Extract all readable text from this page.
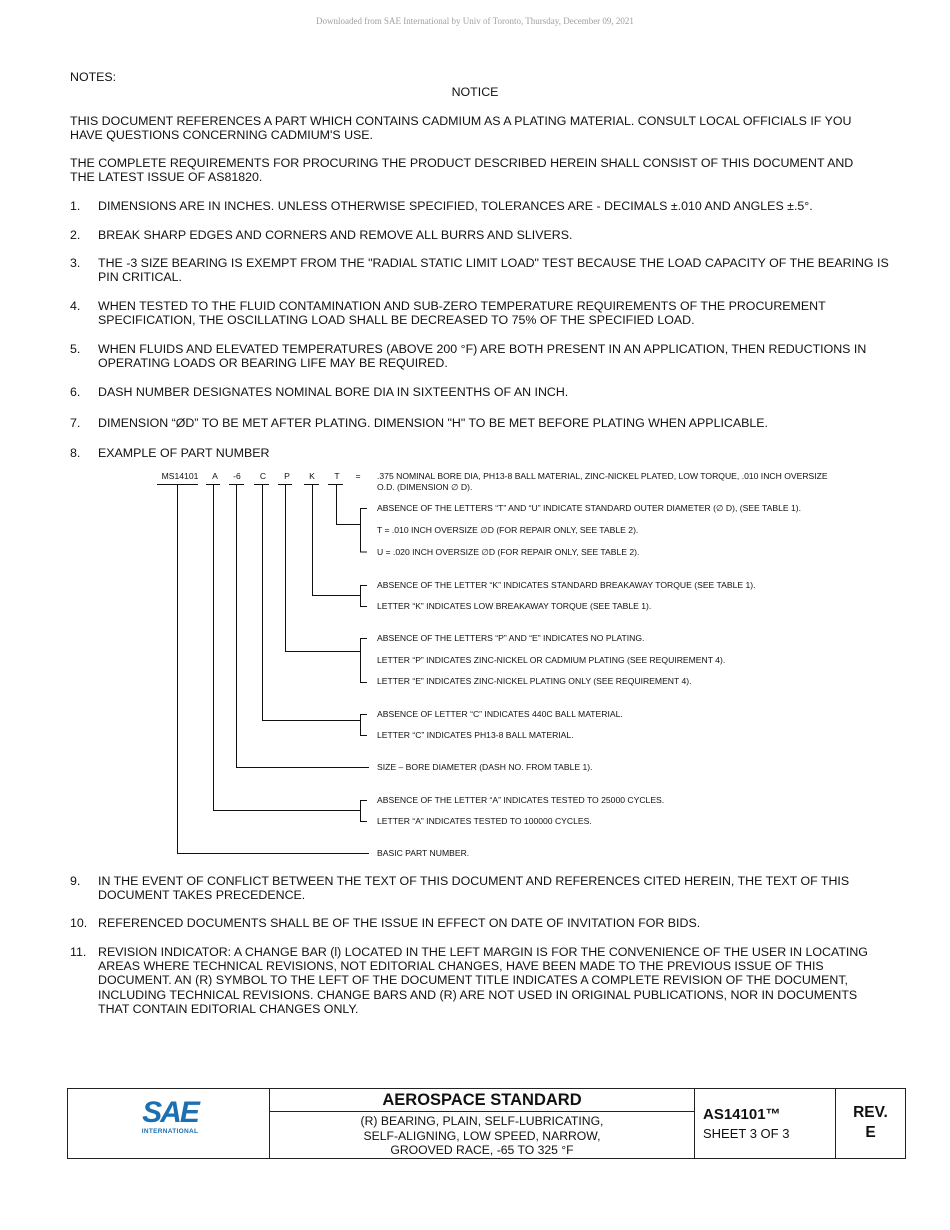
Downloaded from SAE International by Univ of Toronto, Thursday, December 09, 2021
NOTES:
NOTICE
THIS DOCUMENT REFERENCES A PART WHICH CONTAINS CADMIUM AS A PLATING MATERIAL. CONSULT LOCAL OFFICIALS IF YOU HAVE QUESTIONS CONCERNING CADMIUM'S USE.
THE COMPLETE REQUIREMENTS FOR PROCURING THE PRODUCT DESCRIBED HEREIN SHALL CONSIST OF THIS DOCUMENT AND THE LATEST ISSUE OF AS81820.
1.	DIMENSIONS ARE IN INCHES. UNLESS OTHERWISE SPECIFIED, TOLERANCES ARE - DECIMALS ±.010 AND ANGLES ±.5°.
2.	BREAK SHARP EDGES AND CORNERS AND REMOVE ALL BURRS AND SLIVERS.
3.	THE -3 SIZE BEARING IS EXEMPT FROM THE "RADIAL STATIC LIMIT LOAD" TEST BECAUSE THE LOAD CAPACITY OF THE BEARING IS PIN CRITICAL.
4.	WHEN TESTED TO THE FLUID CONTAMINATION AND SUB-ZERO TEMPERATURE REQUIREMENTS OF THE PROCUREMENT SPECIFICATION, THE OSCILLATING LOAD SHALL BE DECREASED TO 75% OF THE SPECIFIED LOAD.
5.	WHEN FLUIDS AND ELEVATED TEMPERATURES (ABOVE 200 °F) ARE BOTH PRESENT IN AN APPLICATION, THEN REDUCTIONS IN OPERATING LOADS OR BEARING LIFE MAY BE REQUIRED.
6.	DASH NUMBER DESIGNATES NOMINAL BORE DIA IN SIXTEENTHS OF AN INCH.
7.	DIMENSION “ØD” TO BE MET AFTER PLATING. DIMENSION "H" TO BE MET BEFORE PLATING WHEN APPLICABLE.
8.	EXAMPLE OF PART NUMBER
MS14101	A	-6	C	P	K	T	=	.375 NOMINAL BORE DIA, PH13-8 BALL MATERIAL, ZINC-NICKEL PLATED, LOW TORQUE, .010 INCH OVERSIZE O.D. (DIMENSION ∅ D).
ABSENCE OF THE LETTERS “T” AND “U” INDICATE STANDARD OUTER DIAMETER (∅ D), (SEE TABLE 1).
T = .010 INCH OVERSIZE ∅D (FOR REPAIR ONLY, SEE TABLE 2).
U = .020 INCH OVERSIZE ∅D (FOR REPAIR ONLY, SEE TABLE 2).
ABSENCE OF THE LETTER “K” INDICATES STANDARD BREAKAWAY TORQUE (SEE TABLE 1).
LETTER “K” INDICATES LOW BREAKAWAY TORQUE (SEE TABLE 1).
ABSENCE OF THE LETTERS “P” AND “E” INDICATES NO PLATING.
LETTER “P” INDICATES ZINC-NICKEL OR CADMIUM PLATING (SEE REQUIREMENT 4).
LETTER “E” INDICATES ZINC-NICKEL PLATING ONLY (SEE REQUIREMENT 4).
ABSENCE OF LETTER “C” INDICATES 440C BALL MATERIAL.
LETTER “C” INDICATES PH13-8 BALL MATERIAL.
SIZE – BORE DIAMETER (DASH NO. FROM TABLE 1).
ABSENCE OF THE LETTER “A” INDICATES TESTED TO 25000 CYCLES.
LETTER “A” INDICATES TESTED TO 100000 CYCLES.
BASIC PART NUMBER.
9.	IN THE EVENT OF CONFLICT BETWEEN THE TEXT OF THIS DOCUMENT AND REFERENCES CITED HEREIN, THE TEXT OF THIS DOCUMENT TAKES PRECEDENCE.
10. REFERENCED DOCUMENTS SHALL BE OF THE ISSUE IN EFFECT ON DATE OF INVITATION FOR BIDS.
11. REVISION INDICATOR: A CHANGE BAR (l) LOCATED IN THE LEFT MARGIN IS FOR THE CONVENIENCE OF THE USER IN LOCATING AREAS WHERE TECHNICAL REVISIONS, NOT EDITORIAL CHANGES, HAVE BEEN MADE TO THE PREVIOUS ISSUE OF THIS DOCUMENT. AN (R) SYMBOL TO THE LEFT OF THE DOCUMENT TITLE INDICATES A COMPLETE REVISION OF THE DOCUMENT, INCLUDING TECHNICAL REVISIONS. CHANGE BARS AND (R) ARE NOT USED IN ORIGINAL PUBLICATIONS, NOR IN DOCUMENTS THAT CONTAIN EDITORIAL CHANGES ONLY.
SAE
INTERNATIONAL
AEROSPACE STANDARD
(R) BEARING, PLAIN, SELF-LUBRICATING,
SELF-ALIGNING, LOW SPEED, NARROW,
GROOVED RACE, -65 TO 325 °F
AS14101™
SHEET 3 OF 3
REV.
E
